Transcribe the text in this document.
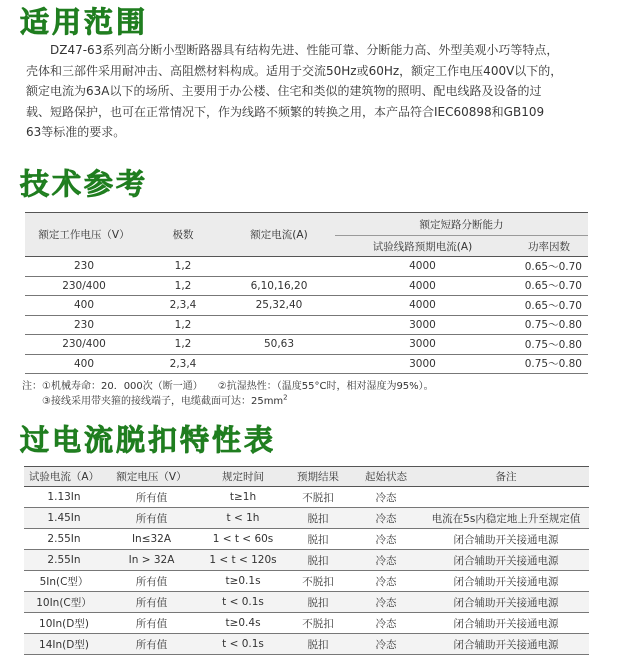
适用范围

DZ47-63系列高分断小型断路器具有结构先进、性能可靠、分断能力高、外型美观小巧等特点，

壳体和三部件采用耐冲击、高阻燃材料构成。适用于交流50Hz或60Hz，额定工作电压400V以下的，

额定电流为63A以下的场所、主要用于办公楼、住宅和类似的建筑物的照明、配电线路及设备的过

载、短路保护，也可在正常情况下，作为线路不频繁的转换之用，本产品符合IEC60898和GB109

63等标准的要求。

技术参考
额定工作电压（V）	极数	额定电流(A)	额定短路分断能力	
			试验线路预期电流(A)	功率因数
230	1,2		4000	0.65～0.70
230/400	1,2	6,10,16,20	4000	0.65～0.70
400	2,3,4	25,32,40	4000	0.65～0.70
230	1,2		3000	0.75～0.80
230/400	1,2	50,63	3000	0.75～0.80
400	2,3,4		3000	0.75～0.80
注：①机械寿命：20．000次（断一通）　　②抗湿热性：（温度55°C时，相对湿度为95%）。
③接线采用带夹箍的接线端子，电缆截面可达：$25mm^2$
过电流脱扣特性表
试验电流（A）	额定电压（V）	规定时间	预期结果	起始状态	备注
1.13In	所有值	t≥1h	不脱扣	冷态	
1.45In	所有值	t < 1h	脱扣	冷态	电流在5s内稳定地上升至规定值
2.55In	In≤32A	1 < t < 60s	脱扣	冷态	闭合辅助开关接通电源
2.55In	In > 32A	1 < t < 120s	脱扣	冷态	闭合辅助开关接通电源
5In(C型）	所有值	t≥0.1s	不脱扣	冷态	闭合辅助开关接通电源
10In(C型）	所有值	t < 0.1s	脱扣	冷态	闭合辅助开关接通电源
10In(D型)	所有值	t≥0.4s	不脱扣	冷态	闭合辅助开关接通电源
14In(D型)	所有值	t < 0.1s	脱扣	冷态	闭合辅助开关接通电源
